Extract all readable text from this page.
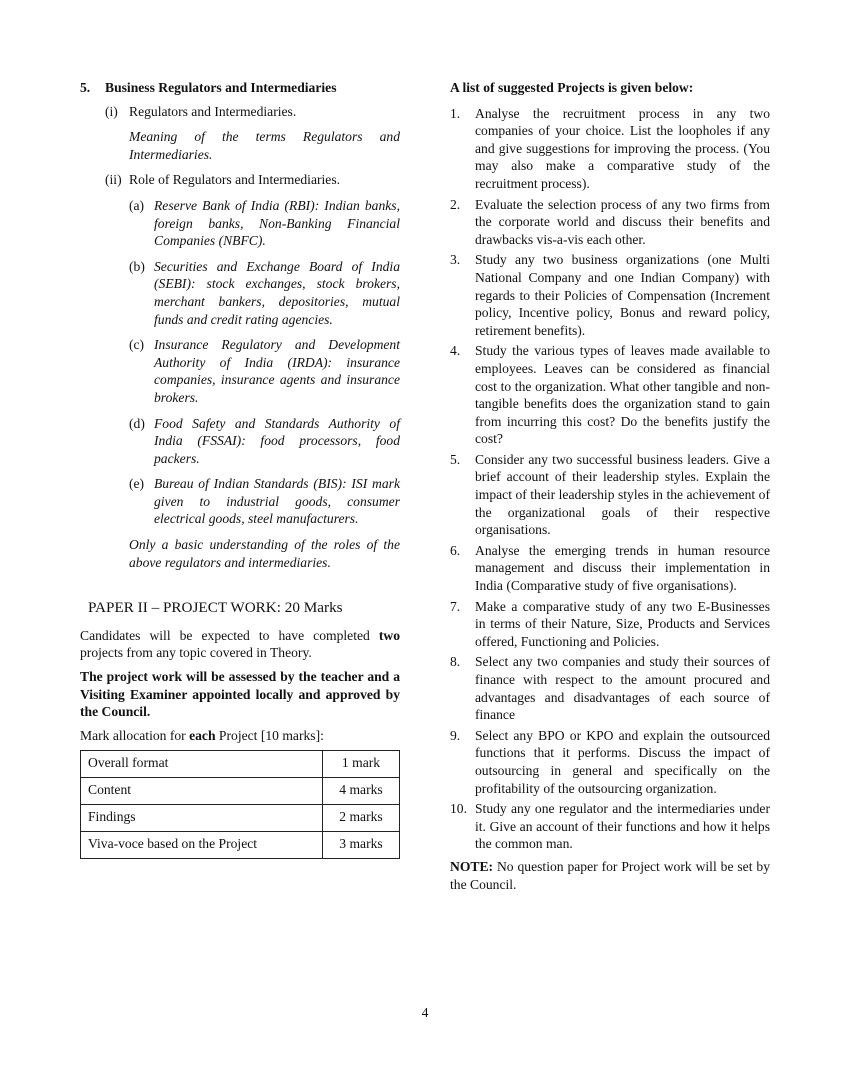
5.	Business Regulators and Intermediaries
(i) Regulators and Intermediaries.
Meaning of the terms Regulators and Intermediaries.
(ii) Role of Regulators and Intermediaries.
(a) Reserve Bank of India (RBI): Indian banks, foreign banks, Non-Banking Financial Companies (NBFC).
(b) Securities and Exchange Board of India (SEBI): stock exchanges, stock brokers, merchant bankers, depositories, mutual funds and credit rating agencies.
(c) Insurance Regulatory and Development Authority of India (IRDA): insurance companies, insurance agents and insurance brokers.
(d) Food Safety and Standards Authority of India (FSSAI): food processors, food packers.
(e) Bureau of Indian Standards (BIS): ISI mark given to industrial goods, consumer electrical goods, steel manufacturers.
Only a basic understanding of the roles of the above regulators and intermediaries.
PAPER II – PROJECT WORK: 20 Marks
Candidates will be expected to have completed two projects from any topic covered in Theory.
The project work will be assessed by the teacher and a Visiting Examiner appointed locally and approved by the Council.
Mark allocation for each Project [10 marks]:
Overall format	1 mark
Content	4 marks
Findings	2 marks
Viva-voce based on the Project	3 marks
A list of suggested Projects is given below:
1.	Analyse the recruitment process in any two companies of your choice. List the loopholes if any and give suggestions for improving the process. (You may also make a comparative study of the recruitment process).
2.	Evaluate the selection process of any two firms from the corporate world and discuss their benefits and drawbacks vis-a-vis each other.
3.	Study any two business organizations (one Multi National Company and one Indian Company) with regards to their Policies of Compensation (Increment policy, Incentive policy, Bonus and reward policy, retirement benefits).
4.	Study the various types of leaves made available to employees. Leaves can be considered as financial cost to the organization. What other tangible and non-tangible benefits does the organization stand to gain from incurring this cost? Do the benefits justify the cost?
5.	Consider any two successful business leaders. Give a brief account of their leadership styles. Explain the impact of their leadership styles in the achievement of the organizational goals of their respective organisations.
6.	Analyse the emerging trends in human resource management and discuss their implementation in India (Comparative study of five organisations).
7.	Make a comparative study of any two E-Businesses in terms of their Nature, Size, Products and Services offered, Functioning and Policies.
8.	Select any two companies and study their sources of finance with respect to the amount procured and advantages and disadvantages of each source of finance
9.	Select any BPO or KPO and explain the outsourced functions that it performs. Discuss the impact of outsourcing in general and specifically on the profitability of the outsourcing organization.
10. Study any one regulator and the intermediaries under it. Give an account of their functions and how it helps the common man.
NOTE: No question paper for Project work will be set by the Council.
4
